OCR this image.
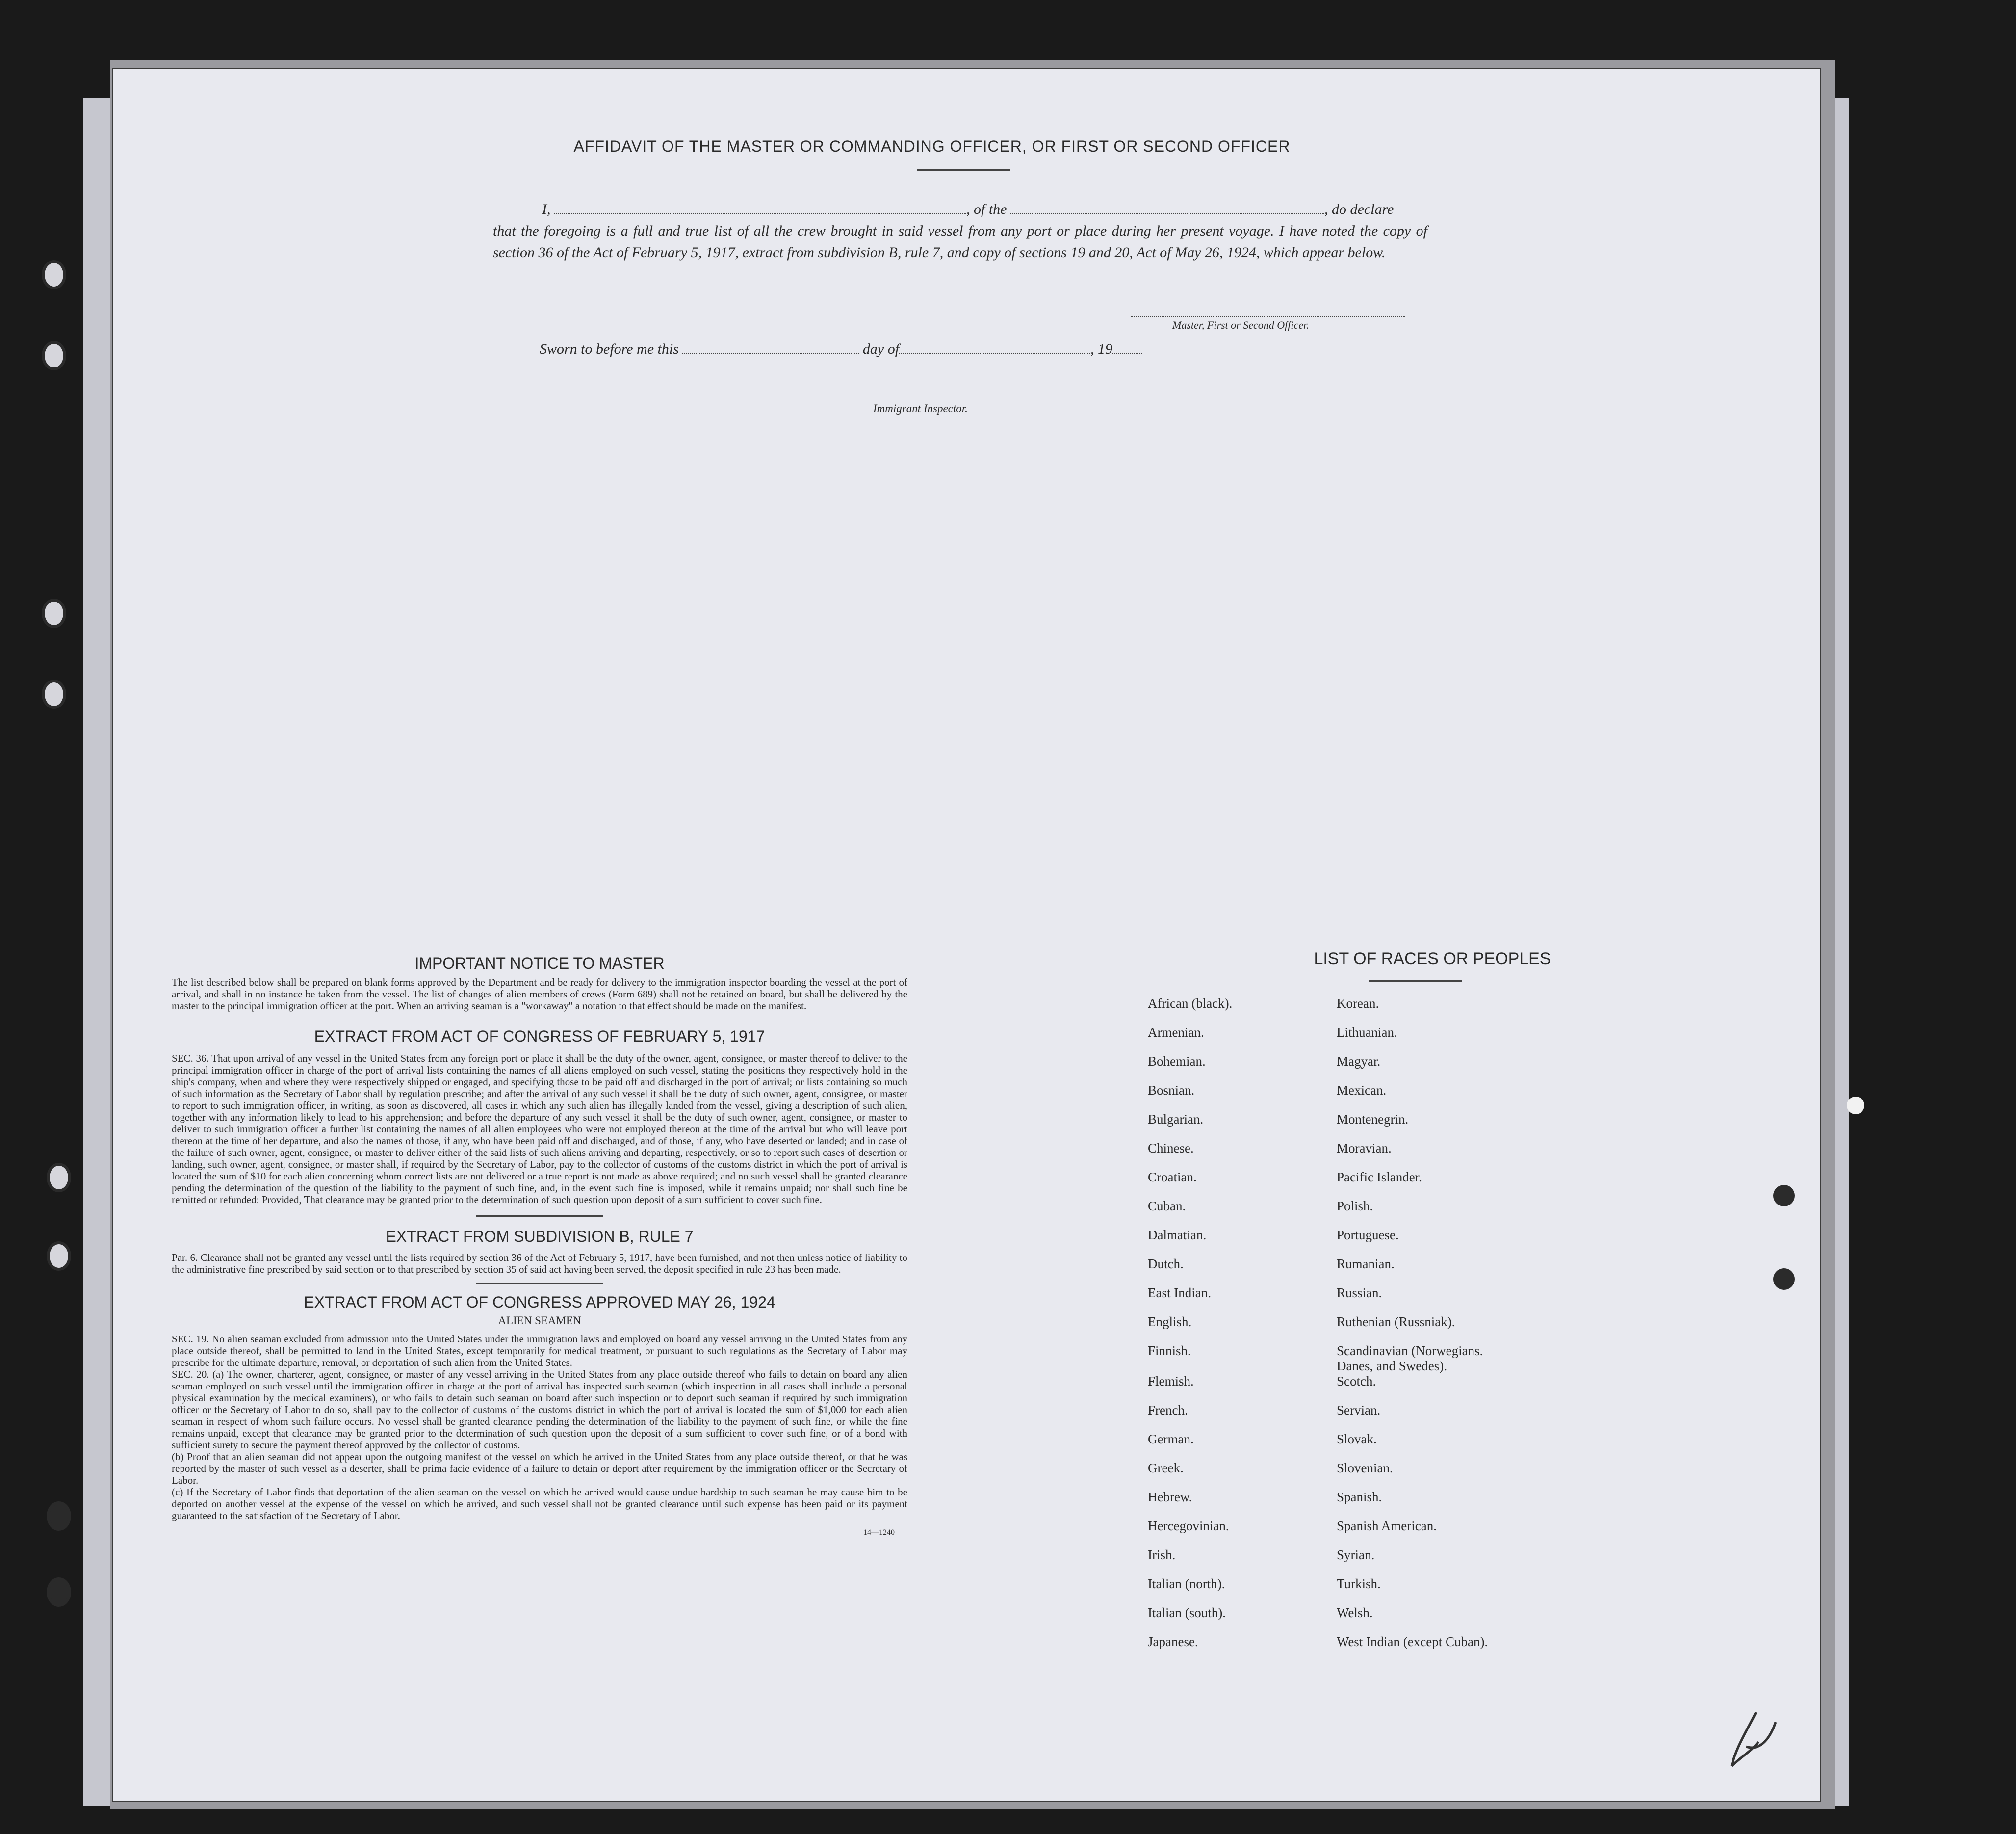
AFFIDAVIT OF THE MASTER OR COMMANDING OFFICER, OR FIRST OR SECOND OFFICER
I,	, of the	, do declare
that the foregoing is a full and true list of all the crew brought in said vessel from any port or place during her present voyage. I have noted the copy of section 36 of the Act of February 5, 1917, extract from subdivision B, rule 7, and copy of sections 19 and 20, Act of May 26, 1924, which appear below.
Master, First or Second Officer.
Sworn to before me this	day of	, 19
Immigrant Inspector.
IMPORTANT NOTICE TO MASTER
The list described below shall be prepared on blank forms approved by the Department and be ready for delivery to the immigration inspector boarding the vessel at the port of arrival, and shall in no instance be taken from the vessel. The list of changes of alien members of crews (Form 689) shall not be retained on board, but shall be delivered by the master to the principal immigration officer at the port. When an arriving seaman is a "workaway" a notation to that effect should be made on the manifest.
EXTRACT FROM ACT OF CONGRESS OF FEBRUARY 5, 1917
SEC. 36. That upon arrival of any vessel in the United States from any foreign port or place it shall be the duty of the owner, agent, consignee, or master thereof to deliver to the principal immigration officer in charge of the port of arrival lists containing the names of all aliens employed on such vessel, stating the positions they respectively hold in the ship's company, when and where they were respectively shipped or engaged, and specifying those to be paid off and discharged in the port of arrival; or lists containing so much of such information as the Secretary of Labor shall by regulation prescribe; and after the arrival of any such vessel it shall be the duty of such owner, agent, consignee, or master to report to such immigration officer, in writing, as soon as discovered, all cases in which any such alien has illegally landed from the vessel, giving a description of such alien, together with any information likely to lead to his apprehension; and before the departure of any such vessel it shall be the duty of such owner, agent, consignee, or master to deliver to such immigration officer a further list containing the names of all alien employees who were not employed thereon at the time of the arrival but who will leave port thereon at the time of her departure, and also the names of those, if any, who have been paid off and discharged, and of those, if any, who have deserted or landed; and in case of the failure of such owner, agent, consignee, or master to deliver either of the said lists of such aliens arriving and departing, respectively, or so to report such cases of desertion or landing, such owner, agent, consignee, or master shall, if required by the Secretary of Labor, pay to the collector of customs of the customs district in which the port of arrival is located the sum of $10 for each alien concerning whom correct lists are not delivered or a true report is not made as above required; and no such vessel shall be granted clearance pending the determination of the question of the liability to the payment of such fine, and, in the event such fine is imposed, while it remains unpaid; nor shall such fine be remitted or refunded: Provided, That clearance may be granted prior to the determination of such question upon deposit of a sum sufficient to cover such fine.
EXTRACT FROM SUBDIVISION B, RULE 7
Par. 6. Clearance shall not be granted any vessel until the lists required by section 36 of the Act of February 5, 1917, have been furnished, and not then unless notice of liability to the administrative fine prescribed by said section or to that prescribed by section 35 of said act having been served, the deposit specified in rule 23 has been made.
EXTRACT FROM ACT OF CONGRESS APPROVED MAY 26, 1924
ALIEN SEAMEN
SEC. 19. No alien seaman excluded from admission into the United States under the immigration laws and employed on board any vessel arriving in the United States from any place outside thereof, shall be permitted to land in the United States, except temporarily for medical treatment, or pursuant to such regulations as the Secretary of Labor may prescribe for the ultimate departure, removal, or deportation of such alien from the United States.
SEC. 20. (a) The owner, charterer, agent, consignee, or master of any vessel arriving in the United States from any place outside thereof who fails to detain on board any alien seaman employed on such vessel until the immigration officer in charge at the port of arrival has inspected such seaman (which inspection in all cases shall include a personal physical examination by the medical examiners), or who fails to detain such seaman on board after such inspection or to deport such seaman if required by such immigration officer or the Secretary of Labor to do so, shall pay to the collector of customs of the customs district in which the port of arrival is located the sum of $1,000 for each alien seaman in respect of whom such failure occurs. No vessel shall be granted clearance pending the determination of the liability to the payment of such fine, or while the fine remains unpaid, except that clearance may be granted prior to the determination of such question upon the deposit of a sum sufficient to cover such fine, or of a bond with sufficient surety to secure the payment thereof approved by the collector of customs.
(b) Proof that an alien seaman did not appear upon the outgoing manifest of the vessel on which he arrived in the United States from any place outside thereof, or that he was reported by the master of such vessel as a deserter, shall be prima facie evidence of a failure to detain or deport after requirement by the immigration officer or the Secretary of Labor.
(c) If the Secretary of Labor finds that deportation of the alien seaman on the vessel on which he arrived would cause undue hardship to such seaman he may cause him to be deported on another vessel at the expense of the vessel on which he arrived, and such vessel shall not be granted clearance until such expense has been paid or its payment guaranteed to the satisfaction of the Secretary of Labor.
14—1240
LIST OF RACES OR PEOPLES
African (black).	Korean.
Armenian.	Lithuanian.
Bohemian.	Magyar.
Bosnian.	Mexican.
Bulgarian.	Montenegrin.
Chinese.	Moravian.
Croatian.	Pacific Islander.
Cuban.	Polish.
Dalmatian.	Portuguese.
Dutch.	Rumanian.
East Indian.	Russian.
English.	Ruthenian (Russniak).
Finnish.	Scandinavian (Norwegians. Danes, and Swedes).
Flemish.	Scotch.
French.	Servian.
German.	Slovak.
Greek.	Slovenian.
Hebrew.	Spanish.
Hercegovinian.	Spanish American.
Irish.	Syrian.
Italian (north).	Turkish.
Italian (south).	Welsh.
Japanese.	West Indian (except Cuban).
